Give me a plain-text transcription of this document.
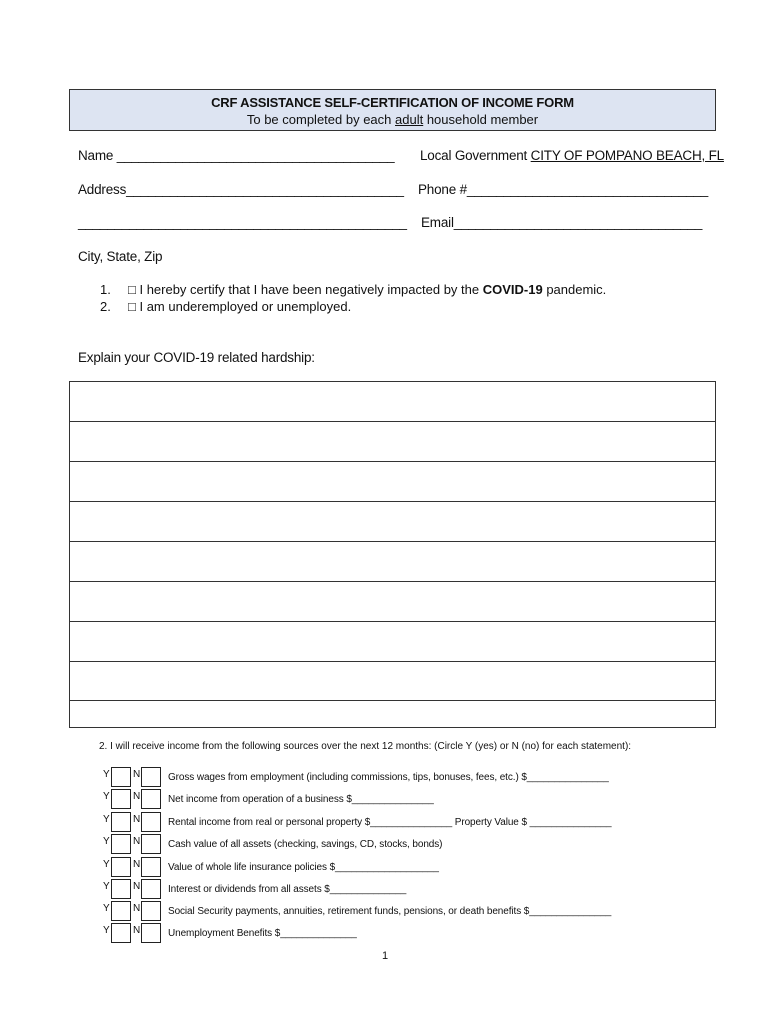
CRF ASSISTANCE SELF-CERTIFICATION OF INCOME FORM
To be completed by each adult household member
Name ______________________________________ Local Government CITY OF POMPANO BEACH, FL
Address______________________________________ Phone #_________________________________
_____________________________________________ Email__________________________________
City, State, Zip
1. □ I hereby certify that I have been negatively impacted by the COVID-19 pandemic.
2. □ I am underemployed or unemployed.
Explain your COVID-19 related hardship:
2. I will receive income from the following sources over the next 12 months: (Circle Y (yes) or N (no) for each statement):
Y N	Gross wages from employment (including commissions, tips, bonuses, fees, etc.) $_______________
Y N	Net income from operation of a business $_______________
Y N	Rental income from real or personal property $_______________ Property Value $ _______________
Y N	Cash value of all assets (checking, savings, CD, stocks, bonds)
Y N	Value of whole life insurance policies $___________________
Y N	Interest or dividends from all assets $______________
Y N	Social Security payments, annuities, retirement funds, pensions, or death benefits $_______________
Y N	Unemployment Benefits $______________
1
